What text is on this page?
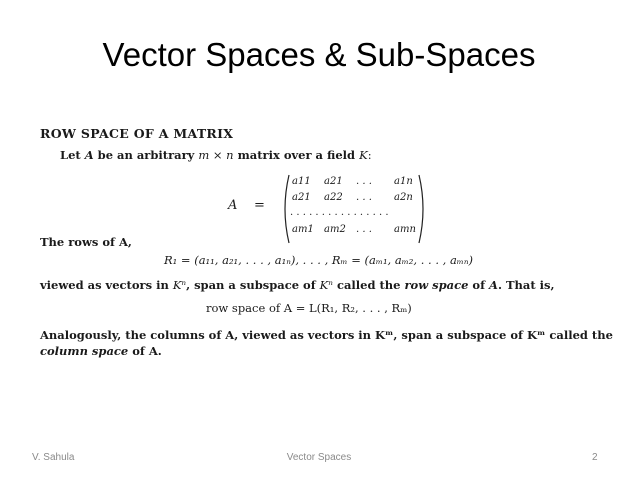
Vector Spaces & Sub-Spaces
ROW SPACE OF A MATRIX
Let A be an arbitrary m × n matrix over a field K:
A =
a11 a21 . . . a1n
a21 a22 . . . a2n
. . . . . . . . . . . . . . . .
am1 am2 . . . amn
The rows of A,
R₁ = (a₁₁, a₂₁, . . . , a₁ₙ), . . . , Rₘ = (aₘ₁, aₘ₂, . . . , aₘₙ)
viewed as vectors in Kⁿ, span a subspace of Kⁿ called the row space of A. That is,
row space of A = L(R₁, R₂, . . . , Rₘ)
Analogously, the columns of A, viewed as vectors in Kᵐ, span a subspace of Kᵐ called the
column space of A.
V. Sahula	Vector Spaces	2
